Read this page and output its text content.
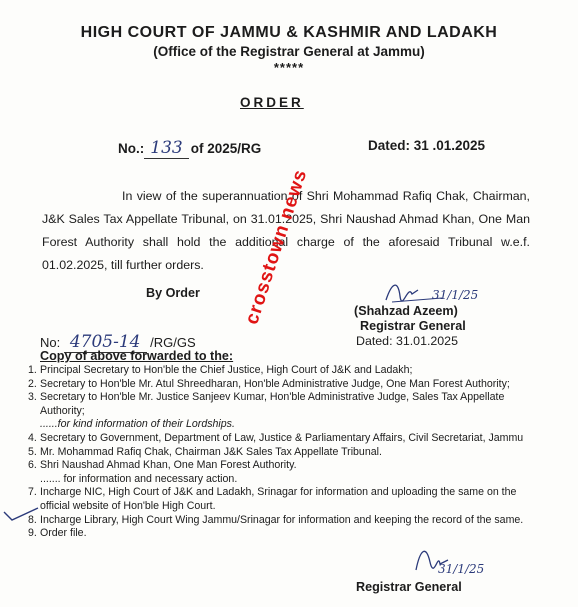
HIGH COURT OF JAMMU & KASHMIR AND LADAKH
(Office of the Registrar General at Jammu)
*****
ORDER
No.: 133 of 2025/RG	Dated: 31 .01.2025
In view of the superannuation of Shri Mohammad Rafiq Chak, Chairman, J&K Sales Tax Appellate Tribunal, on 31.01.2025, Shri Naushad Ahmad Khan, One Man Forest Authority shall hold the additional charge of the aforesaid Tribunal w.e.f. 01.02.2025, till further orders.
By Order	31/1/25
(Shahzad Azeem)
Registrar General
Dated: 31.01.2025
No: 4705-14 /RG/GS
Copy of above forwarded to the:
1. Principal Secretary to Hon'ble the Chief Justice, High Court of J&K and Ladakh;
2. Secretary to Hon'ble Mr. Atul Shreedharan, Hon'ble Administrative Judge, One Man Forest Authority;
3. Secretary to Hon'ble Mr. Justice Sanjeev Kumar, Hon'ble Administrative Judge, Sales Tax Appellate Authority;
......for kind information of their Lordships.
4. Secretary to Government, Department of Law, Justice & Parliamentary Affairs, Civil Secretariat, Jammu
5. Mr. Mohammad Rafiq Chak, Chairman J&K Sales Tax Appellate Tribunal.
6. Shri Naushad Ahmad Khan, One Man Forest Authority.
....... for information and necessary action.
7. Incharge NIC, High Court of J&K and Ladakh, Srinagar for information and uploading the same on the official website of Hon'ble High Court.
8. Incharge Library, High Court Wing Jammu/Srinagar for information and keeping the record of the same.
9. Order file.
31/1/25
Registrar General
crosstown news
